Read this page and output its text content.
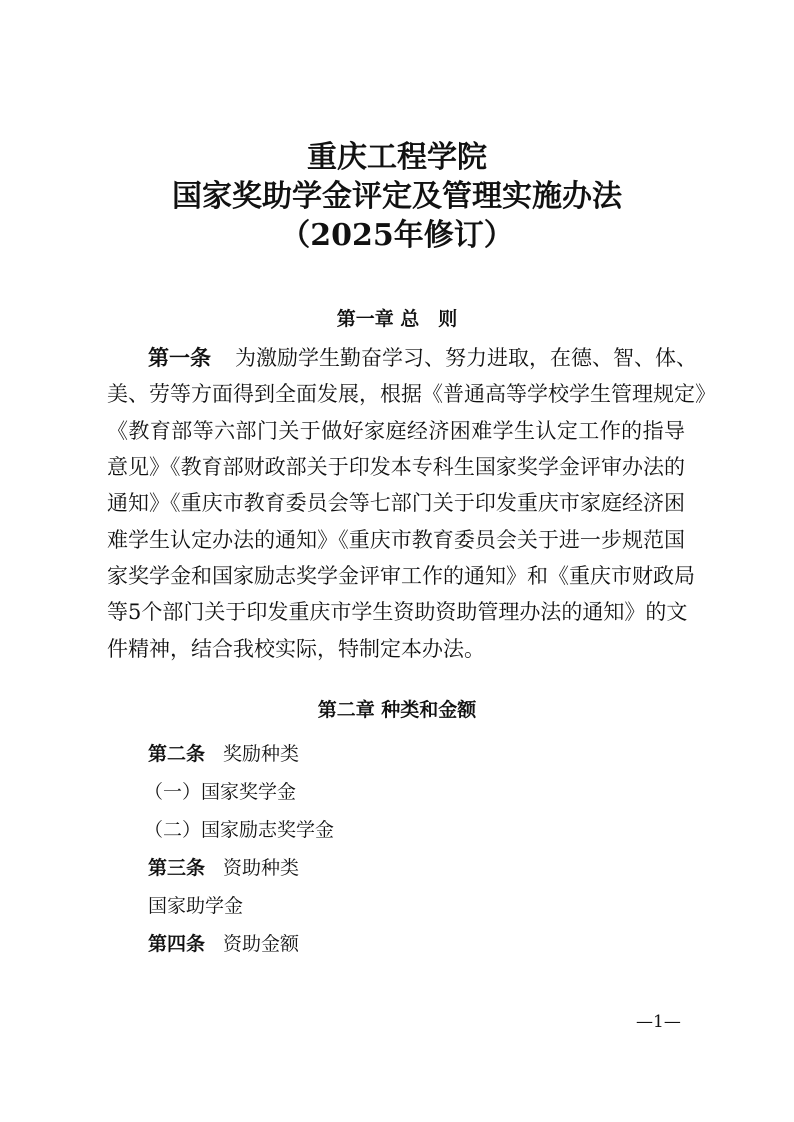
重庆工程学院
国家奖助学金评定及管理实施办法
（2025年修订）
第一章 总　则
第一条 为激励学生勤奋学习、努力进取，在德、智、体、
美、劳等方面得到全面发展，根据《普通高等学校学生管理规定》
《教育部等六部门关于做好家庭经济困难学生认定工作的指导
意见》《教育部财政部关于印发本专科生国家奖学金评审办法的
通知》《重庆市教育委员会等七部门关于印发重庆市家庭经济困
难学生认定办法的通知》《重庆市教育委员会关于进一步规范国
家奖学金和国家励志奖学金评审工作的通知》和《重庆市财政局
等5个部门关于印发重庆市学生资助资助管理办法的通知》的文
件精神，结合我校实际，特制定本办法。
第二章 种类和金额
第二条 奖励种类
（一）国家奖学金
（二）国家励志奖学金
第三条 资助种类
国家助学金
第四条 资助金额
—1—
